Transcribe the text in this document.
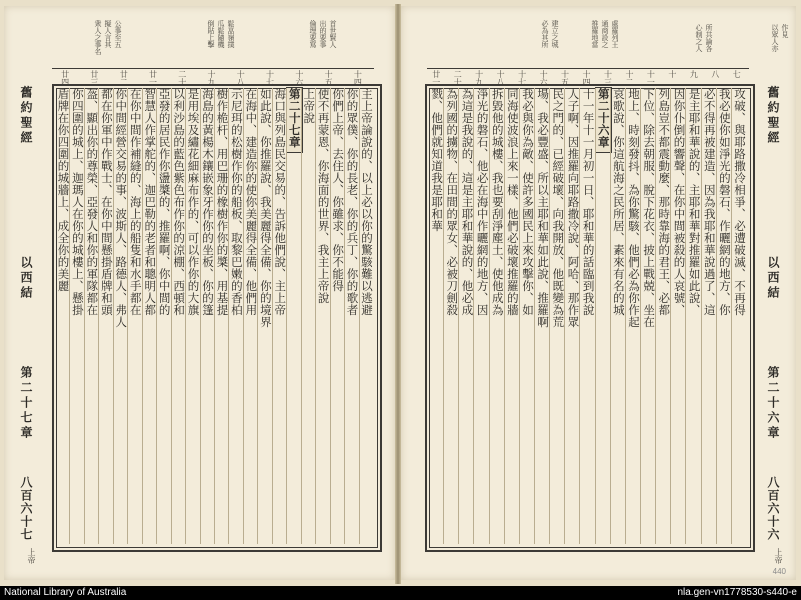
衆人之事名 擬人言其 公事至五	倒貼上擊 瓜鬆隨機 鬆嵓嶺撲	倫理要寫 出的要事 首世賢人
十四
十五
十六
十七
十八
十九
二十
廿一
廿二
廿三
廿四
舊約聖經
以西結
第二十七章
八百六十七
上帝
主上帝論說的、以上必以你的驚駭難以逃避
你的眾僕、你的長老、你的兵丁、你的歌者
你們上帝、去住人、你雖求、你不能得
使不再蒙恩、你海面的世界、我主上帝說
上帝說
第二十七章
海口與列島民交易的、告訴他們說、主上帝
如此說、你推羅說、我美麗得全備、你的境界
在海中、建造你的使你美麗得全備、他們用
示尼珥的松樹作你的船板、取黎巴嫩的香柏
樹作桅杆、用巴珊的橡樹作你的槳、用基提
海島的黃楊木鑲嵌象牙作你的坐板、你的篷
是用埃及繡花細麻布作的、可以作你的大旗
以利沙島的藍色紫色布作你的涼棚、西頓和
亞發的居民作你盪槳的、推羅啊、你中間的
智慧人作掌舵的、迦巴勒的老者和聰明人都
在你中間作補縫的、海上的船隻和水手都在
你中間經營交易的事、波斯人、路德人、弗人
都在你軍中作戰士、在你中間懸掛盾牌和頭
盔、顯出你的尊榮、亞發人和你的軍隊都在
你四圍的城上、迦瑪人在你的城樓上、懸掛
盾牌在你四圍的城牆上、成全你的美麗
以眾人亦 作見
心制之人 所共論各
推羅地當 通商設之 處羅列王
必為其所 建立之城
七
八
九
十
十一
十二
十三
十四
十五
十六
十七
十八
十九
二十
廿一
舊約聖經
以西結
第二十六章
八百六十六
上帝
攻破、與耶路撒冷相爭、必遭破滅、不再得
我必使你如淨光的磐石、作曬網的地方、你
必不得再被建造、因為我耶和華說過了、這
是主耶和華說的、主耶和華對推羅如此說、
因你仆倒的響聲、在你中間被殺的人哀號、
列島豈不都震動麼、那時靠海的君王、必都
下位、除去朝服、脫下花衣、披上戰兢、坐在
地上、時刻發抖、為你驚駭、他們必為你作起
哀歌說、你這航海之民所居、素來有名的城
第二十六章
十一年十一月初一日、耶和華的話臨到我說
人子啊、因推羅向耶路撒冷說、阿哈、那作眾
民之門的、已經破壞、向我開放、他既變為荒
場、我必豐盛、所以主耶和華如此說、推羅啊
我必與你為敵、使許多國民上來攻擊你、如
同海使波浪上來一樣、他們必破壞推羅的牆
拆毀他的城樓、我也要刮淨塵土、使他成為
淨光的磐石、他必在海中作曬網的地方、因
為這是我說的、這是主耶和華說的、他必成
為列國的擄物、在田間的眾女、必被刀劍殺
戮、他們就知道我是耶和華
440
National Library of Australia	nla.gen-vn1778530-s440-e
